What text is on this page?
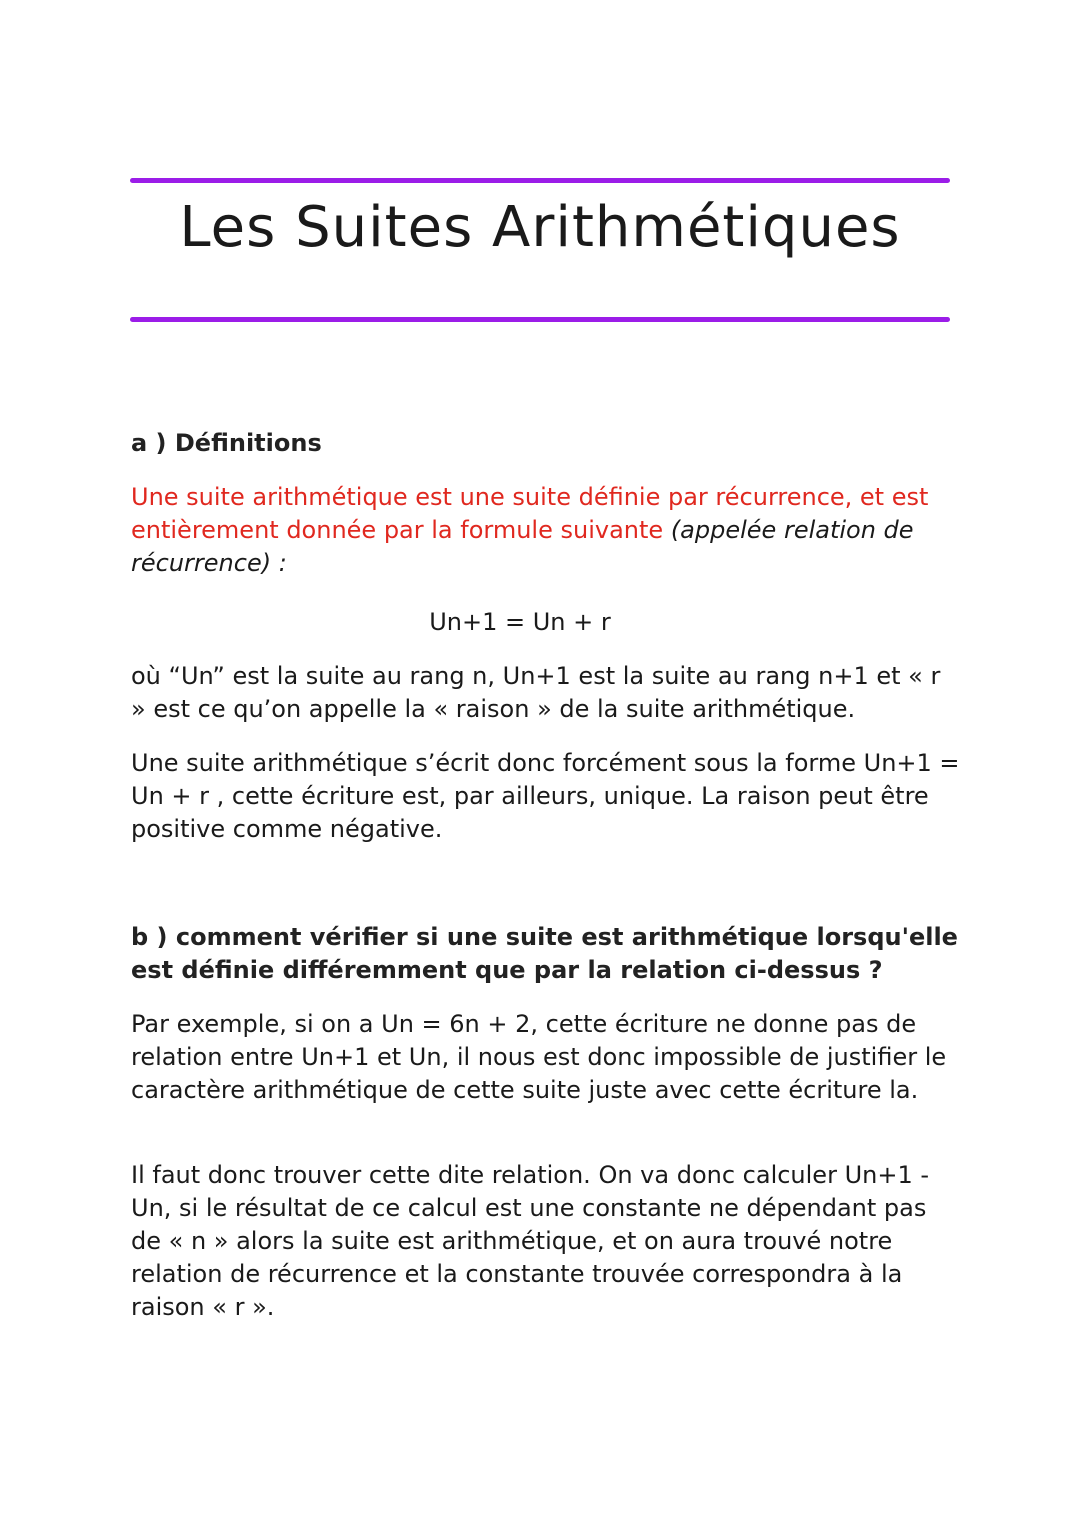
Les Suites Arithmétiques
a ) Définitions

Une suite arithmétique est une suite définie par récurrence, et est entièrement donnée par la formule suivante (appelée relation de récurrence) :

Un+1 = Un + r

où “Un” est la suite au rang n, Un+1 est la suite au rang n+1 et « r » est ce qu’on appelle la « raison » de la suite arithmétique.

Une suite arithmétique s’écrit donc forcément sous la forme Un+1 = Un + r , cette écriture est, par ailleurs, unique. La raison peut être positive comme négative.

b ) comment vérifier si une suite est arithmétique lorsqu'elle est définie différemment que par la relation ci-dessus ?

Par exemple, si on a Un = 6n + 2, cette écriture ne donne pas de relation entre Un+1 et Un, il nous est donc impossible de justifier le caractère arithmétique de cette suite juste avec cette écriture la.

Il faut donc trouver cette dite relation. On va donc calculer Un+1 - Un, si le résultat de ce calcul est une constante ne dépendant pas de « n » alors la suite est arithmétique, et on aura trouvé notre relation de récurrence et la constante trouvée correspondra à la raison « r ».
